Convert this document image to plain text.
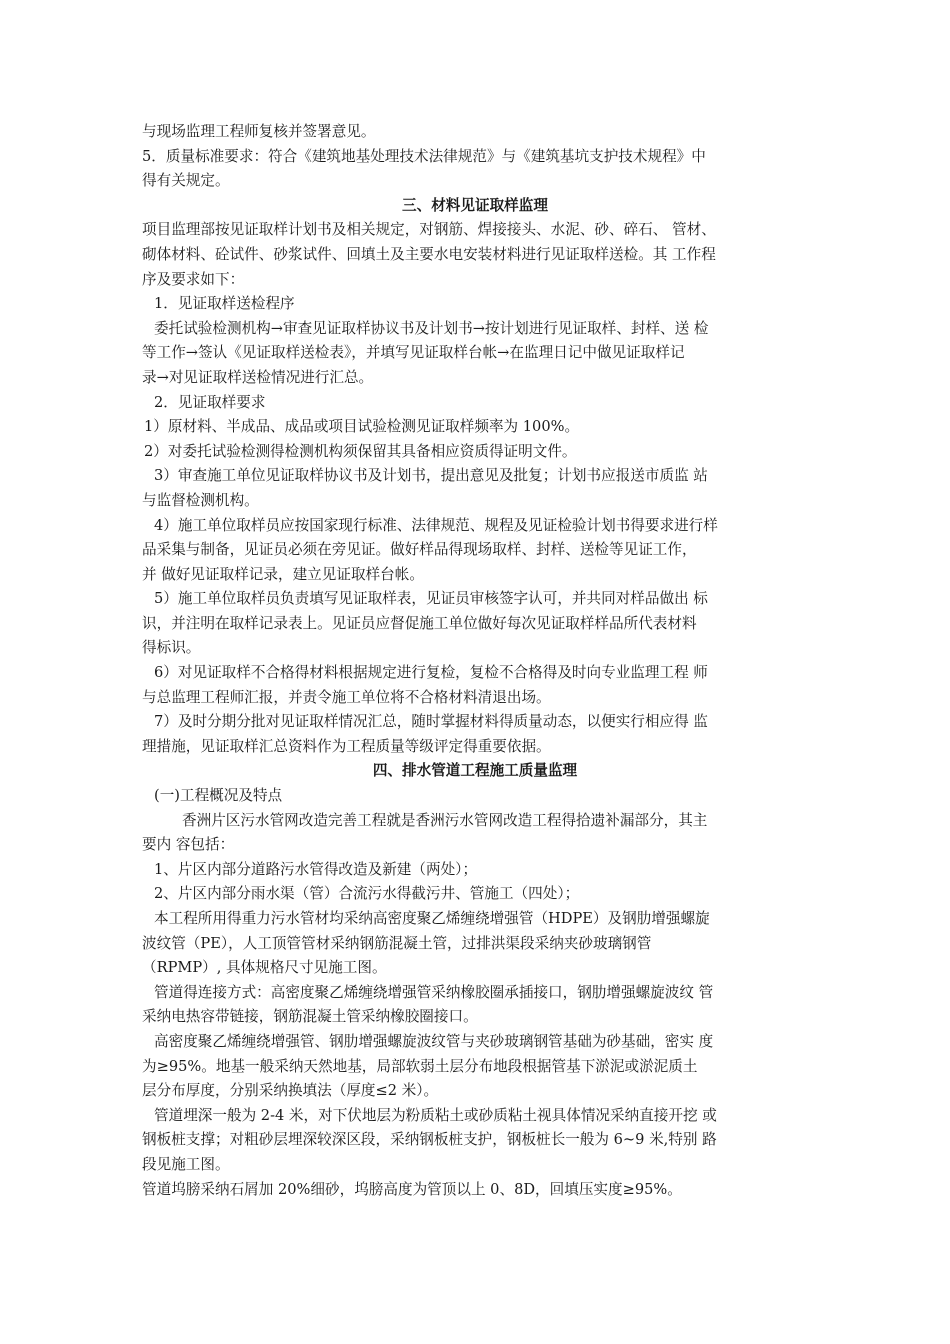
与现场监理工程师复核并签署意见。
5．质量标准要求：符合《建筑地基处理技术法律规范》与《建筑基坑支护技术规程》中
得有关规定。
三、材料见证取样监理
项目监理部按见证取样计划书及相关规定，对钢筋、焊接接头、水泥、砂、碎石、 管材、
砌体材料、砼试件、砂浆试件、回填土及主要水电安装材料进行见证取样送检。其 工作程
序及要求如下：
1．见证取样送检程序
委托试验检测机构→审查见证取样协议书及计划书→按计划进行见证取样、封样、送 检
等工作→签认《见证取样送检表》，并填写见证取样台帐→在监理日记中做见证取样记
录→对见证取样送检情况进行汇总。
2．见证取样要求
1）原材料、半成品、成品或项目试验检测见证取样频率为 100%。
2）对委托试验检测得检测机构须保留其具备相应资质得证明文件。
3）审查施工单位见证取样协议书及计划书，提出意见及批复；计划书应报送市质监 站
与监督检测机构。
4）施工单位取样员应按国家现行标准、法律规范、规程及见证检验计划书得要求进行样
品采集与制备，见证员必须在旁见证。做好样品得现场取样、封样、送检等见证工作，
并 做好见证取样记录，建立见证取样台帐。
5）施工单位取样员负责填写见证取样表，见证员审核签字认可，并共同对样品做出 标
识，并注明在取样记录表上。见证员应督促施工单位做好每次见证取样样品所代表材料
得标识。
6）对见证取样不合格得材料根据规定进行复检，复检不合格得及时向专业监理工程 师
与总监理工程师汇报，并责令施工单位将不合格材料清退出场。
7）及时分期分批对见证取样情况汇总，随时掌握材料得质量动态，以便实行相应得 监
理措施，见证取样汇总资料作为工程质量等级评定得重要依据。
四、排水管道工程施工质量监理
(一)工程概况及特点
香洲片区污水管网改造完善工程就是香洲污水管网改造工程得拾遗补漏部分，其主
要内 容包括：
1、片区内部分道路污水管得改造及新建（两处）；
2、片区内部分雨水渠（管）合流污水得截污井、管施工（四处）；
本工程所用得重力污水管材均采纳高密度聚乙烯缠绕增强管（HDPE）及钢肋增强螺旋
波纹管（PE），人工顶管管材采纳钢筋混凝土管，过排洪渠段采纳夹砂玻璃钢管
（RPMP）, 具体规格尺寸见施工图。
管道得连接方式：高密度聚乙烯缠绕增强管采纳橡胶圈承插接口，钢肋增强螺旋波纹 管
采纳电热容带链接，钢筋混凝土管采纳橡胶圈接口。
高密度聚乙烯缠绕增强管、钢肋增强螺旋波纹管与夹砂玻璃钢管基础为砂基础，密实 度
为≥95%。地基一般采纳天然地基，局部软弱土层分布地段根据管基下淤泥或淤泥质土
层分布厚度，分别采纳换填法（厚度≤2 米）。
管道埋深一般为 2-4 米，对下伏地层为粉质粘土或砂质粘土视具体情况采纳直接开挖 或
钢板桩支撑；对粗砂层埋深较深区段，采纳钢板桩支护，钢板桩长一般为 6~9 米,特别 路
段见施工图。
管道坞膀采纳石屑加 20%细砂，坞膀高度为管顶以上 0、8D，回填压实度≥95%。
